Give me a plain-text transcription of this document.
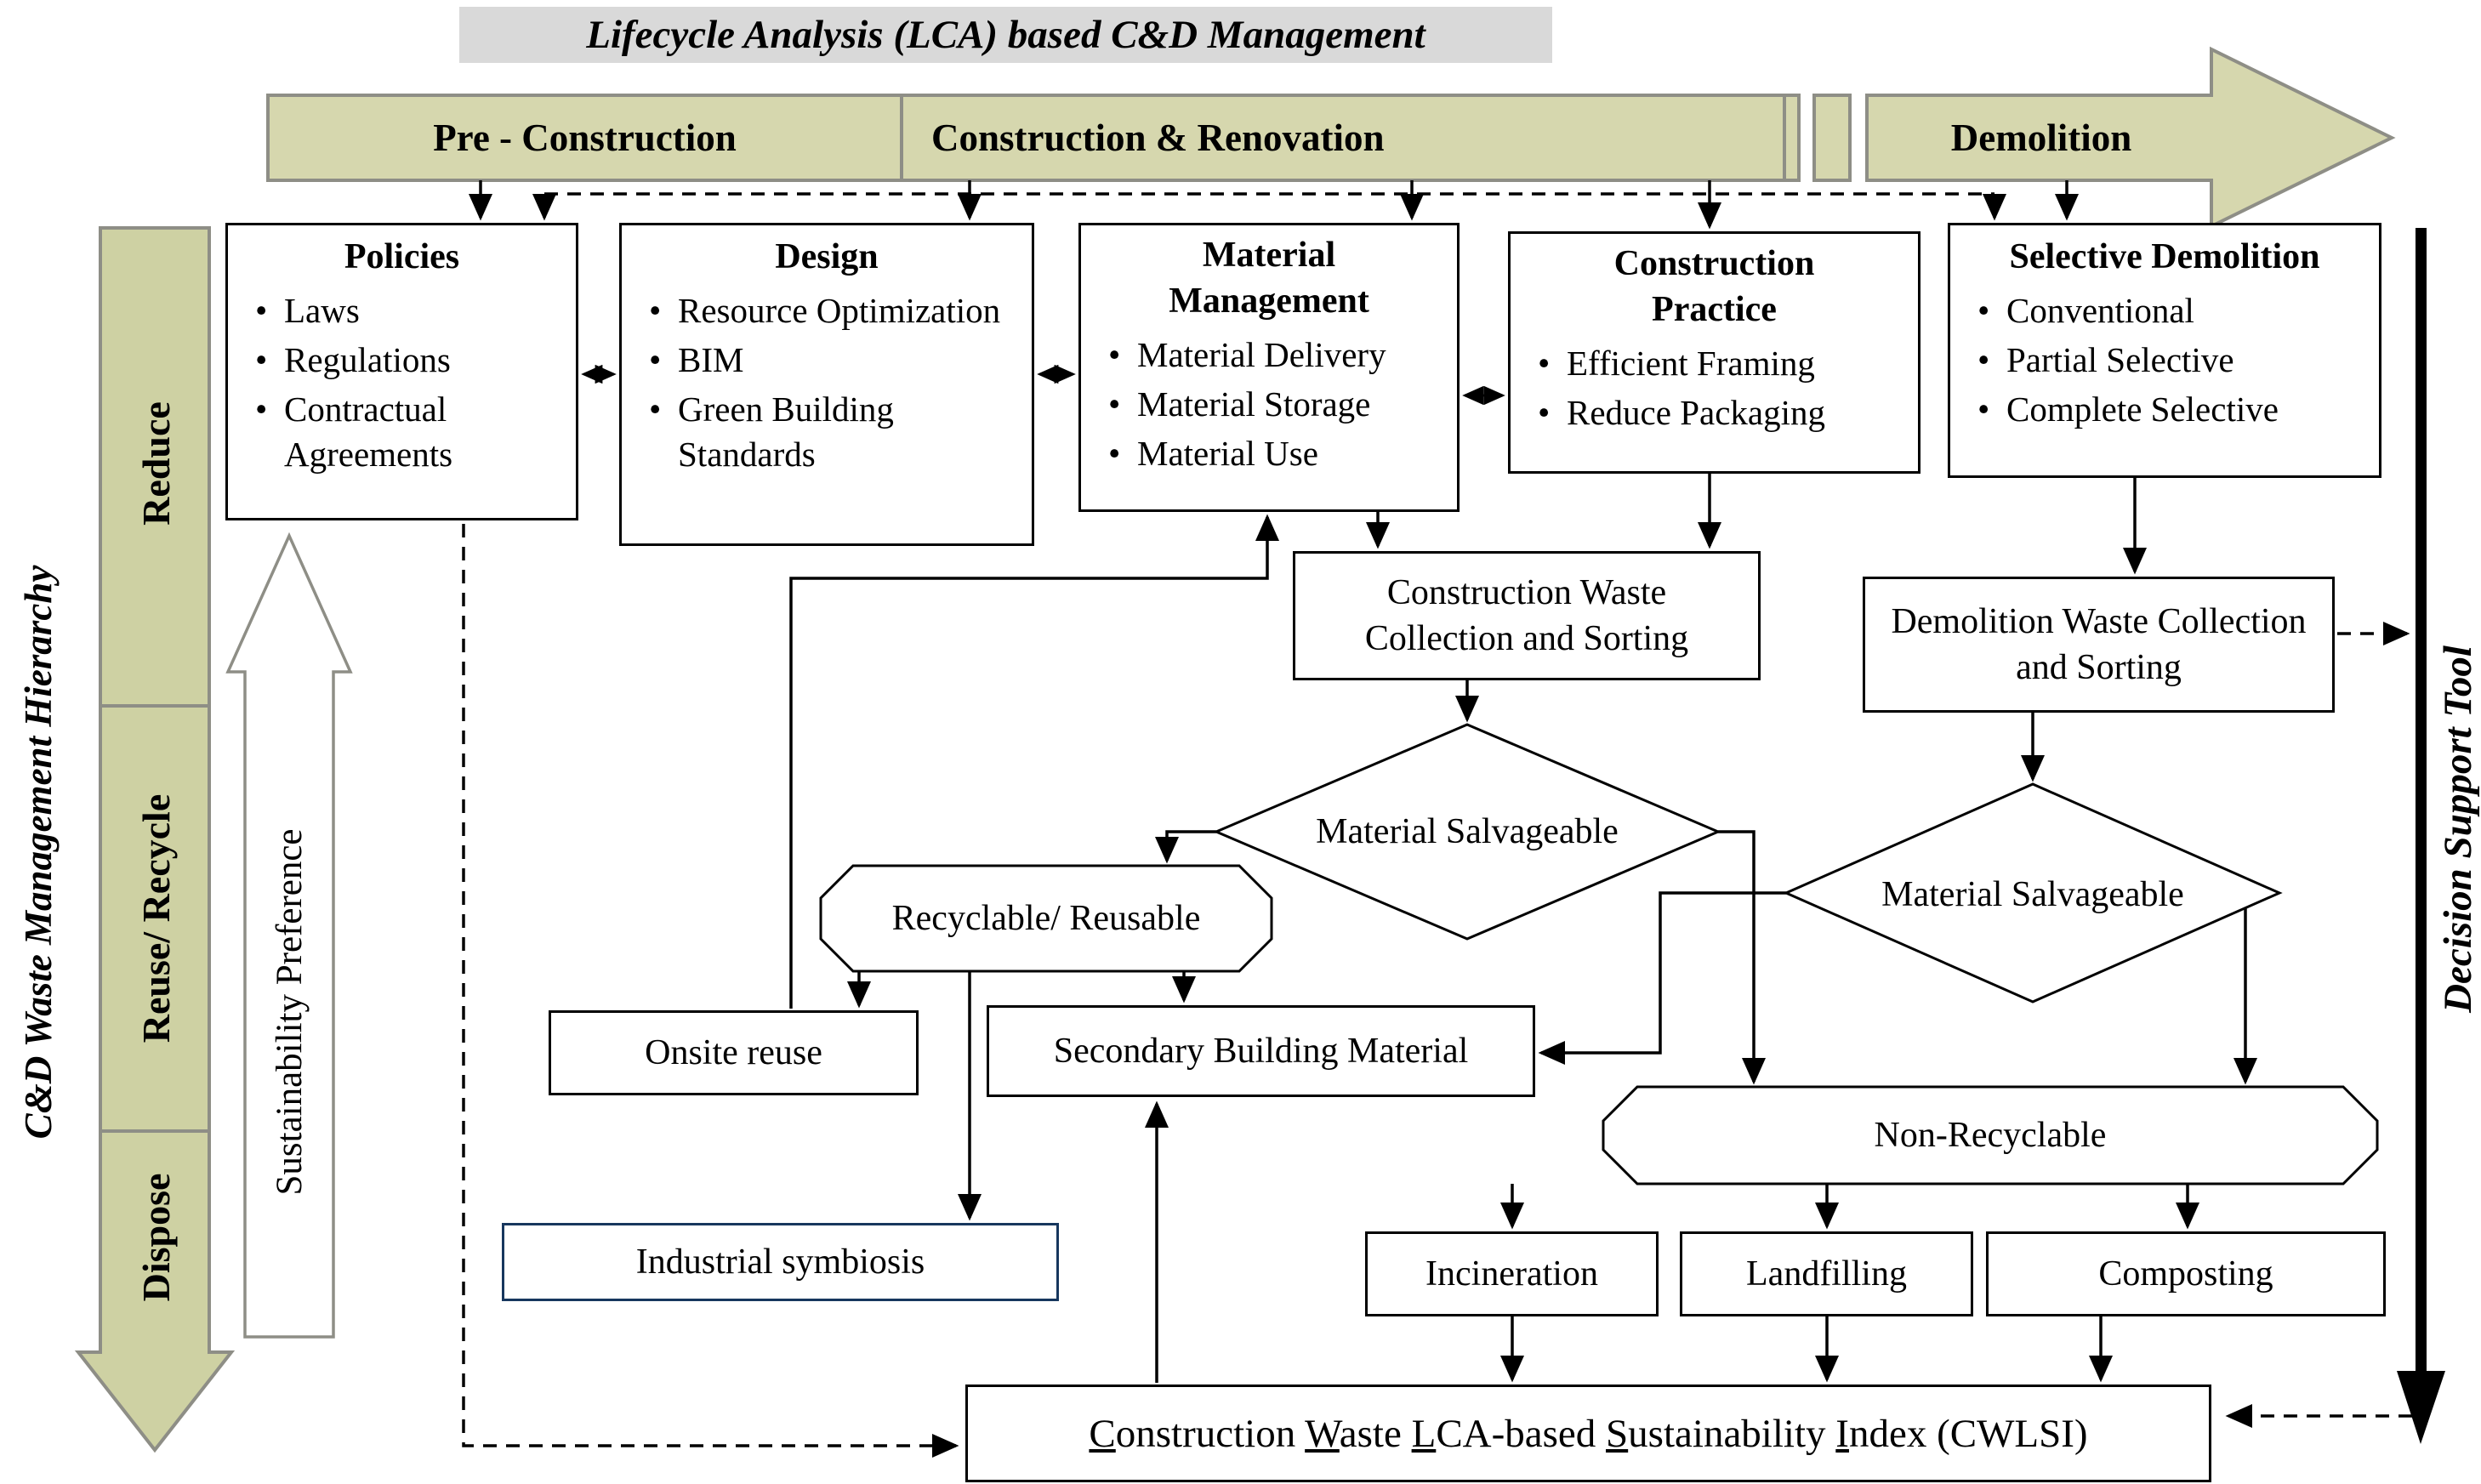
Lifecycle Analysis (LCA) based C&D Management
Pre - Construction	Construction & Renovation	Demolition
C&D Waste Management Hierarchy
Reduce
Reuse/ Recycle
Dispose
Sustainability Preference	Decision Support Tool
Policies
• Laws
• Regulations
• Contractual Agreements
Design
• Resource Optimization
• BIM
• Green Building Standards
Material Management
• Material Delivery
• Material Storage
• Material Use
Construction Practice
• Efficient Framing
• Reduce Packaging
Selective Demolition
• Conventional
• Partial Selective
• Complete Selective
Construction Waste Collection and Sorting	Demolition Waste Collection and Sorting
Material Salvageable
Material Salvageable
Recyclable/ Reusable
Non-Recyclable
Onsite reuse	Secondary Building Material
Industrial symbiosis	Incineration	Landfilling	Composting
Construction Waste LCA-based Sustainability Index (CWLSI)
